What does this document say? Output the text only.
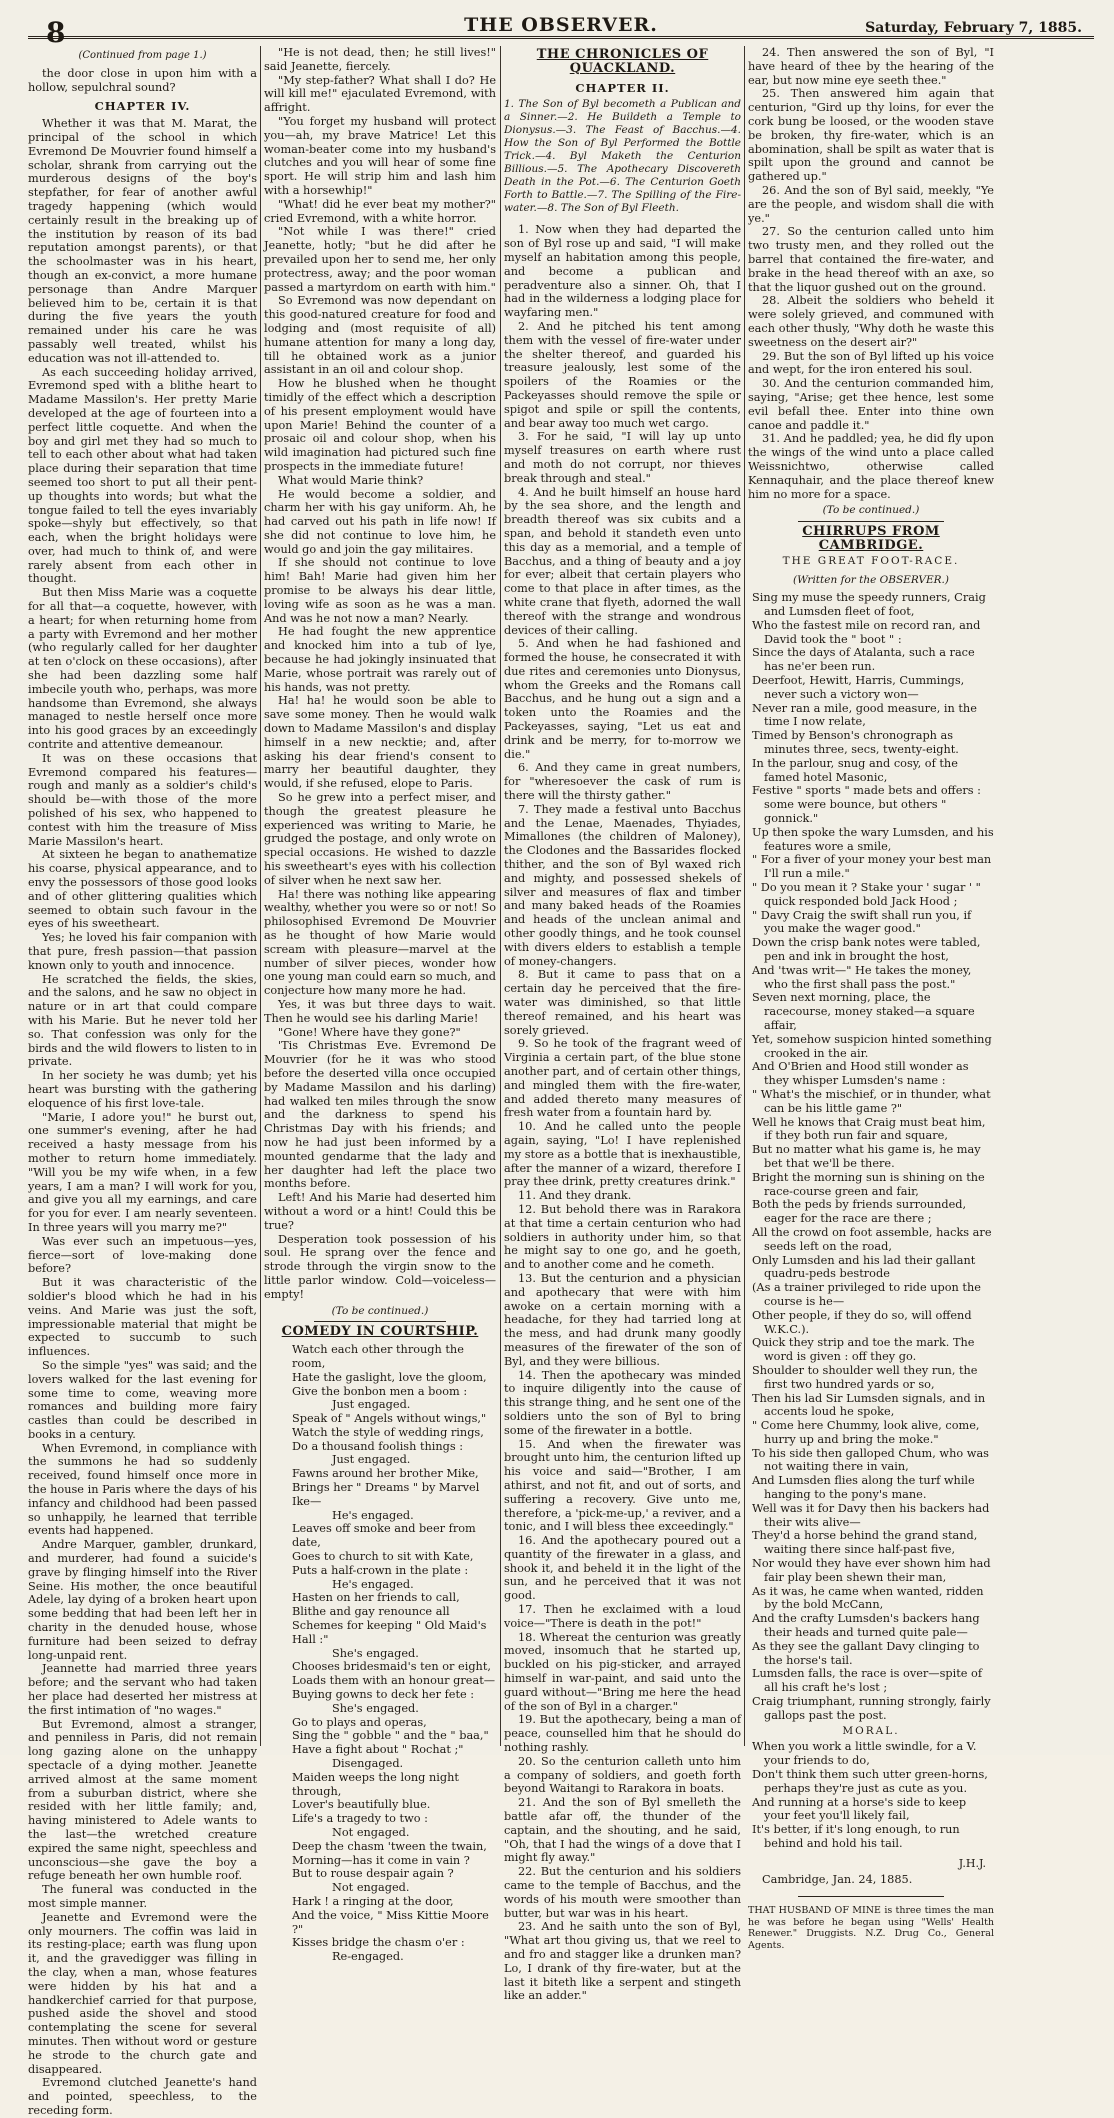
8	THE OBSERVER.	Saturday, February 7, 1885.
(Continued from page 1.)

the door close in upon him with a hollow, sepulchral sound?

CHAPTER IV.

Whether it was that M. Marat, the principal of the school in which Evremond De Mouvrier found himself a scholar, shrank from carrying out the murderous designs of the boy's stepfather, for fear of another awful tragedy happening (which would certainly result in the breaking up of the institution by reason of its bad reputation amongst parents), or that the schoolmaster was in his heart, though an ex-convict, a more humane personage than Andre Marquer believed him to be, certain it is that during the five years the youth remained under his care he was passably well treated, whilst his education was not ill-attended to.

As each succeeding holiday arrived, Evremond sped with a blithe heart to Madame Massilon's. Her pretty Marie developed at the age of fourteen into a perfect little coquette. And when the boy and girl met they had so much to tell to each other about what had taken place during their separation that time seemed too short to put all their pent-up thoughts into words; but what the tongue failed to tell the eyes invariably spoke—shyly but effectively, so that each, when the bright holidays were over, had much to think of, and were rarely absent from each other in thought.

But then Miss Marie was a coquette for all that—a coquette, however, with a heart; for when returning home from a party with Evremond and her mother (who regularly called for her daughter at ten o'clock on these occasions), after she had been dazzling some half imbecile youth who, perhaps, was more handsome than Evremond, she always managed to nestle herself once more into his good graces by an exceedingly contrite and attentive demeanour.

It was on these occasions that Evremond compared his features—rough and manly as a soldier's child's should be—with those of the more polished of his sex, who happened to contest with him the treasure of Miss Marie Massilon's heart.

At sixteen he began to anathematize his coarse, physical appearance, and to envy the possessors of those good looks and of other glittering qualities which seemed to obtain such favour in the eyes of his sweetheart.

Yes; he loved his fair companion with that pure, fresh passion—that passion known only to youth and innocence.

He scratched the fields, the skies, and the salons, and he saw no object in nature or in art that could compare with his Marie. But he never told her so. That confession was only for the birds and the wild flowers to listen to in private.

In her society he was dumb; yet his heart was bursting with the gathering eloquence of his first love-tale.

"Marie, I adore you!" he burst out, one summer's evening, after he had received a hasty message from his mother to return home immediately. "Will you be my wife when, in a few years, I am a man? I will work for you, and give you all my earnings, and care for you for ever. I am nearly seventeen. In three years will you marry me?"

Was ever such an impetuous—yes, fierce—sort of love-making done before?

But it was characteristic of the soldier's blood which he had in his veins. And Marie was just the soft, impressionable material that might be expected to succumb to such influences.

So the simple "yes" was said; and the lovers walked for the last evening for some time to come, weaving more romances and building more fairy castles than could be described in books in a century.

When Evremond, in compliance with the summons he had so suddenly received, found himself once more in the house in Paris where the days of his infancy and childhood had been passed so unhappily, he learned that terrible events had happened.

Andre Marquer, gambler, drunkard, and murderer, had found a suicide's grave by flinging himself into the River Seine. His mother, the once beautiful Adele, lay dying of a broken heart upon some bedding that had been left her in charity in the denuded house, whose furniture had been seized to defray long-unpaid rent.

Jeannette had married three years before; and the servant who had taken her place had deserted her mistress at the first intimation of "no wages."

But Evremond, almost a stranger, and penniless in Paris, did not remain long gazing alone on the unhappy spectacle of a dying mother. Jeanette arrived almost at the same moment from a suburban district, where she resided with her little family; and, having ministered to Adele wants to the last—the wretched creature expired the same night, speechless and unconscious—she gave the boy a refuge beneath her own humble roof.

The funeral was conducted in the most simple manner.

Jeanette and Evremond were the only mourners. The coffin was laid in its resting-place; earth was flung upon it, and the gravedigger was filling in the clay, when a man, whose features were hidden by his hat and a handkerchief carried for that purpose, pushed aside the shovel and stood contemplating the scene for several minutes. Then without word or gesture he strode to the church gate and disappeared.

Evremond clutched Jeanette's hand and pointed, speechless, to the receding form.

"He is not dead, then; he still lives!" said Jeanette, fiercely.

"My step-father? What shall I do? He will kill me!" ejaculated Evremond, with affright.

"You forget my husband will protect you—ah, my brave Matrice! Let this woman-beater come into my husband's clutches and you will hear of some fine sport. He will strip him and lash him with a horsewhip!"

"What! did he ever beat my mother?" cried Evremond, with a white horror.

"Not while I was there!" cried Jeanette, hotly; "but he did after he prevailed upon her to send me, her only protectress, away; and the poor woman passed a martyrdom on earth with him."

So Evremond was now dependant on this good-natured creature for food and lodging and (most requisite of all) humane attention for many a long day, till he obtained work as a junior assistant in an oil and colour shop.

How he blushed when he thought timidly of the effect which a description of his present employment would have upon Marie! Behind the counter of a prosaic oil and colour shop, when his wild imagination had pictured such fine prospects in the immediate future!

What would Marie think?

He would become a soldier, and charm her with his gay uniform. Ah, he had carved out his path in life now! If she did not continue to love him, he would go and join the gay militaires.

If she should not continue to love him! Bah! Marie had given him her promise to be always his dear little, loving wife as soon as he was a man. And was he not now a man? Nearly.

He had fought the new apprentice and knocked him into a tub of lye, because he had jokingly insinuated that Marie, whose portrait was rarely out of his hands, was not pretty.

Ha! ha! he would soon be able to save some money. Then he would walk down to Madame Massilon's and display himself in a new necktie; and, after asking his dear friend's consent to marry her beautiful daughter, they would, if she refused, elope to Paris.

So he grew into a perfect miser, and though the greatest pleasure he experienced was writing to Marie, he grudged the postage, and only wrote on special occasions. He wished to dazzle his sweetheart's eyes with his collection of silver when he next saw her.

Ha! there was nothing like appearing wealthy, whether you were so or not! So philosophised Evremond De Mouvrier as he thought of how Marie would scream with pleasure—marvel at the number of silver pieces, wonder how one young man could earn so much, and conjecture how many more he had.

Yes, it was but three days to wait. Then he would see his darling Marie!

"Gone! Where have they gone?"

'Tis Christmas Eve. Evremond De Mouvrier (for he it was who stood before the deserted villa once occupied by Madame Massilon and his darling) had walked ten miles through the snow and the darkness to spend his Christmas Day with his friends; and now he had just been informed by a mounted gendarme that the lady and her daughter had left the place two months before.

Left! And his Marie had deserted him without a word or a hint! Could this be true?

Desperation took possession of his soul. He sprang over the fence and strode through the virgin snow to the little parlor window. Cold—voiceless—empty!

(To be continued.)
COMEDY IN COURTSHIP.

Watch each other through the room,

Hate the gaslight, love the gloom,

Give the bonbon men a boom :

Just engaged.

Speak of " Angels without wings,"

Watch the style of wedding rings,

Do a thousand foolish things :

Just engaged.

Fawns around her brother Mike,

Brings her " Dreams " by Marvel Ike—

He's engaged.

Leaves off smoke and beer from date,

Goes to church to sit with Kate,

Puts a half-crown in the plate :

He's engaged.

Hasten on her friends to call,

Blithe and gay renounce all

Schemes for keeping " Old Maid's Hall :"

She's engaged.

Chooses bridesmaid's ten or eight,

Loads them with an honour great—

Buying gowns to deck her fete :

She's engaged.

Go to plays and operas,

Sing the " gobble " and the " baa,"

Have a fight about " Rochat ;"

Disengaged.

Maiden weeps the long night through,

Lover's beautifully blue.

Life's a tragedy to two :

Not engaged.

Deep the chasm 'tween the twain,

Morning—has it come in vain ?

But to rouse despair again ?

Not engaged.

Hark ! a ringing at the door,

And the voice, " Miss Kittie Moore ?"

Kisses bridge the chasm o'er :

Re-engaged.

THE CHRONICLES OF QUACKLAND.
CHAPTER II.
1. The Son of Byl becometh a Publican and a Sinner.—2. He Buildeth a Temple to Dionysus.—3. The Feast of Bacchus.—4. How the Son of Byl Performed the Bottle Trick.—4. Byl Maketh the Centurion Billious.—5. The Apothecary Discovereth Death in the Pot.—6. The Centurion Goeth Forth to Battle.—7. The Spilling of the Fire-water.—8. The Son of Byl Fleeth.

1. Now when they had departed the son of Byl rose up and said, "I will make myself an habitation among this people, and become a publican and peradventure also a sinner. Oh, that I had in the wilderness a lodging place for wayfaring men."

2. And he pitched his tent among them with the vessel of fire-water under the shelter thereof, and guarded his treasure jealously, lest some of the spoilers of the Roamies or the Packeyasses should remove the spile or spigot and spile or spill the contents, and bear away too much wet cargo.

3. For he said, "I will lay up unto myself treasures on earth where rust and moth do not corrupt, nor thieves break through and steal."

4. And he built himself an house hard by the sea shore, and the length and breadth thereof was six cubits and a span, and behold it standeth even unto this day as a memorial, and a temple of Bacchus, and a thing of beauty and a joy for ever; albeit that certain players who come to that place in after times, as the white crane that flyeth, adorned the wall thereof with the strange and wondrous devices of their calling.

5. And when he had fashioned and formed the house, he consecrated it with due rites and ceremonies unto Dionysus, whom the Greeks and the Romans call Bacchus, and he hung out a sign and a token unto the Roamies and the Packeyasses, saying, "Let us eat and drink and be merry, for to-morrow we die."

6. And they came in great numbers, for "wheresoever the cask of rum is there will the thirsty gather."

7. They made a festival unto Bacchus and the Lenae, Maenades, Thyiades, Mimallones (the children of Maloney), the Clodones and the Bassarides flocked thither, and the son of Byl waxed rich and mighty, and possessed shekels of silver and measures of flax and timber and many baked heads of the Roamies and heads of the unclean animal and other goodly things, and he took counsel with divers elders to establish a temple of money-changers.

8. But it came to pass that on a certain day he perceived that the fire-water was diminished, so that little thereof remained, and his heart was sorely grieved.

9. So he took of the fragrant weed of Virginia a certain part, of the blue stone another part, and of certain other things, and mingled them with the fire-water, and added thereto many measures of fresh water from a fountain hard by.

10. And he called unto the people again, saying, "Lo! I have replenished my store as a bottle that is inexhaustible, after the manner of a wizard, therefore I pray thee drink, pretty creatures drink."

11. And they drank.

12. But behold there was in Rarakora at that time a certain centurion who had soldiers in authority under him, so that he might say to one go, and he goeth, and to another come and he cometh.

13. But the centurion and a physician and apothecary that were with him awoke on a certain morning with a headache, for they had tarried long at the mess, and had drunk many goodly measures of the firewater of the son of Byl, and they were billious.

14. Then the apothecary was minded to inquire diligently into the cause of this strange thing, and he sent one of the soldiers unto the son of Byl to bring some of the firewater in a bottle.

15. And when the firewater was brought unto him, the centurion lifted up his voice and said—"Brother, I am athirst, and not fit, and out of sorts, and suffering a recovery. Give unto me, therefore, a 'pick-me-up,' a reviver, and a tonic, and I will bless thee exceedingly."

16. And the apothecary poured out a quantity of the firewater in a glass, and shook it, and beheld it in the light of the sun, and he perceived that it was not good.

17. Then he exclaimed with a loud voice—"There is death in the pot!"

18. Whereat the centurion was greatly moved, insomuch that he started up, buckled on his pig-sticker, and arrayed himself in war-paint, and said unto the guard without—"Bring me here the head of the son of Byl in a charger."

19. But the apothecary, being a man of peace, counselled him that he should do nothing rashly.

20. So the centurion calleth unto him a company of soldiers, and goeth forth beyond Waitangi to Rarakora in boats.

21. And the son of Byl smelleth the battle afar off, the thunder of the captain, and the shouting, and he said, "Oh, that I had the wings of a dove that I might fly away."

22. But the centurion and his soldiers came to the temple of Bacchus, and the words of his mouth were smoother than butter, but war was in his heart.

23. And he saith unto the son of Byl, "What art thou giving us, that we reel to and fro and stagger like a drunken man? Lo, I drank of thy fire-water, but at the last it biteth like a serpent and stingeth like an adder."

24. Then answered the son of Byl, "I have heard of thee by the hearing of the ear, but now mine eye seeth thee."

25. Then answered him again that centurion, "Gird up thy loins, for ever the cork bung be loosed, or the wooden stave be broken, thy fire-water, which is an abomination, shall be spilt as water that is spilt upon the ground and cannot be gathered up."

26. And the son of Byl said, meekly, "Ye are the people, and wisdom shall die with ye."

27. So the centurion called unto him two trusty men, and they rolled out the barrel that contained the fire-water, and brake in the head thereof with an axe, so that the liquor gushed out on the ground.

28. Albeit the soldiers who beheld it were solely grieved, and communed with each other thusly, "Why doth he waste this sweetness on the desert air?"

29. But the son of Byl lifted up his voice and wept, for the iron entered his soul.

30. And the centurion commanded him, saying, "Arise; get thee hence, lest some evil befall thee. Enter into thine own canoe and paddle it."

31. And he paddled; yea, he did fly upon the wings of the wind unto a place called Weissnichtwo, otherwise called Kennaquhair, and the place thereof knew him no more for a space.

(To be continued.)
CHIRRUPS FROM CAMBRIDGE.
THE GREAT FOOT-RACE.
(Written for the OBSERVER.)

Sing my muse the speedy runners, Craig and Lumsden fleet of foot,

Who the fastest mile on record ran, and David took the " boot " :

Since the days of Atalanta, such a race has ne'er been run.

Deerfoot, Hewitt, Harris, Cummings, never such a victory won—

Never ran a mile, good measure, in the time I now relate,

Timed by Benson's chronograph as minutes three, secs, twenty-eight.

In the parlour, snug and cosy, of the famed hotel Masonic,

Festive " sports " made bets and offers : some were bounce, but others " gonnick."

Up then spoke the wary Lumsden, and his features wore a smile,

" For a fiver of your money your best man I'll run a mile."

" Do you mean it ? Stake your ' sugar ' " quick responded bold Jack Hood ;

" Davy Craig the swift shall run you, if you make the wager good."

Down the crisp bank notes were tabled, pen and ink in brought the host,

And 'twas writ—" He takes the money, who the first shall pass the post."

Seven next morning, place, the racecourse, money staked—a square affair,

Yet, somehow suspicion hinted something crooked in the air.

And O'Brien and Hood still wonder as they whisper Lumsden's name :

" What's the mischief, or in thunder, what can be his little game ?"

Well he knows that Craig must beat him, if they both run fair and square,

But no matter what his game is, he may bet that we'll be there.

Bright the morning sun is shining on the race-course green and fair,

Both the peds by friends surrounded, eager for the race are there ;

All the crowd on foot assemble, hacks are seeds left on the road,

Only Lumsden and his lad their gallant quadru-peds bestrode

(As a trainer privileged to ride upon the course is he—

Other people, if they do so, will offend W.K.C.).

Quick they strip and toe the mark. The word is given : off they go.

Shoulder to shoulder well they run, the first two hundred yards or so,

Then his lad Sir Lumsden signals, and in accents loud he spoke,

" Come here Chummy, look alive, come, hurry up and bring the moke."

To his side then galloped Chum, who was not waiting there in vain,

And Lumsden flies along the turf while hanging to the pony's mane.

Well was it for Davy then his backers had their wits alive—

They'd a horse behind the grand stand, waiting there since half-past five,

Nor would they have ever shown him had fair play been shewn their man,

As it was, he came when wanted, ridden by the bold McCann,

And the crafty Lumsden's backers hang their heads and turned quite pale—

As they see the gallant Davy clinging to the horse's tail.

Lumsden falls, the race is over—spite of all his craft he's lost ;

Craig triumphant, running strongly, fairly gallops past the post.

MORAL.

When you work a little swindle, for a V. your friends to do,

Don't think them such utter green-horns, perhaps they're just as cute as you.

And running at a horse's side to keep your feet you'll likely fail,

It's better, if it's long enough, to run behind and hold his tail.

J.H.J.
Cambridge, Jan. 24, 1885.

THAT HUSBAND OF MINE is three times the man he was before he began using "Wells' Health Renewer." Druggists. N.Z. Drug Co., General Agents.
